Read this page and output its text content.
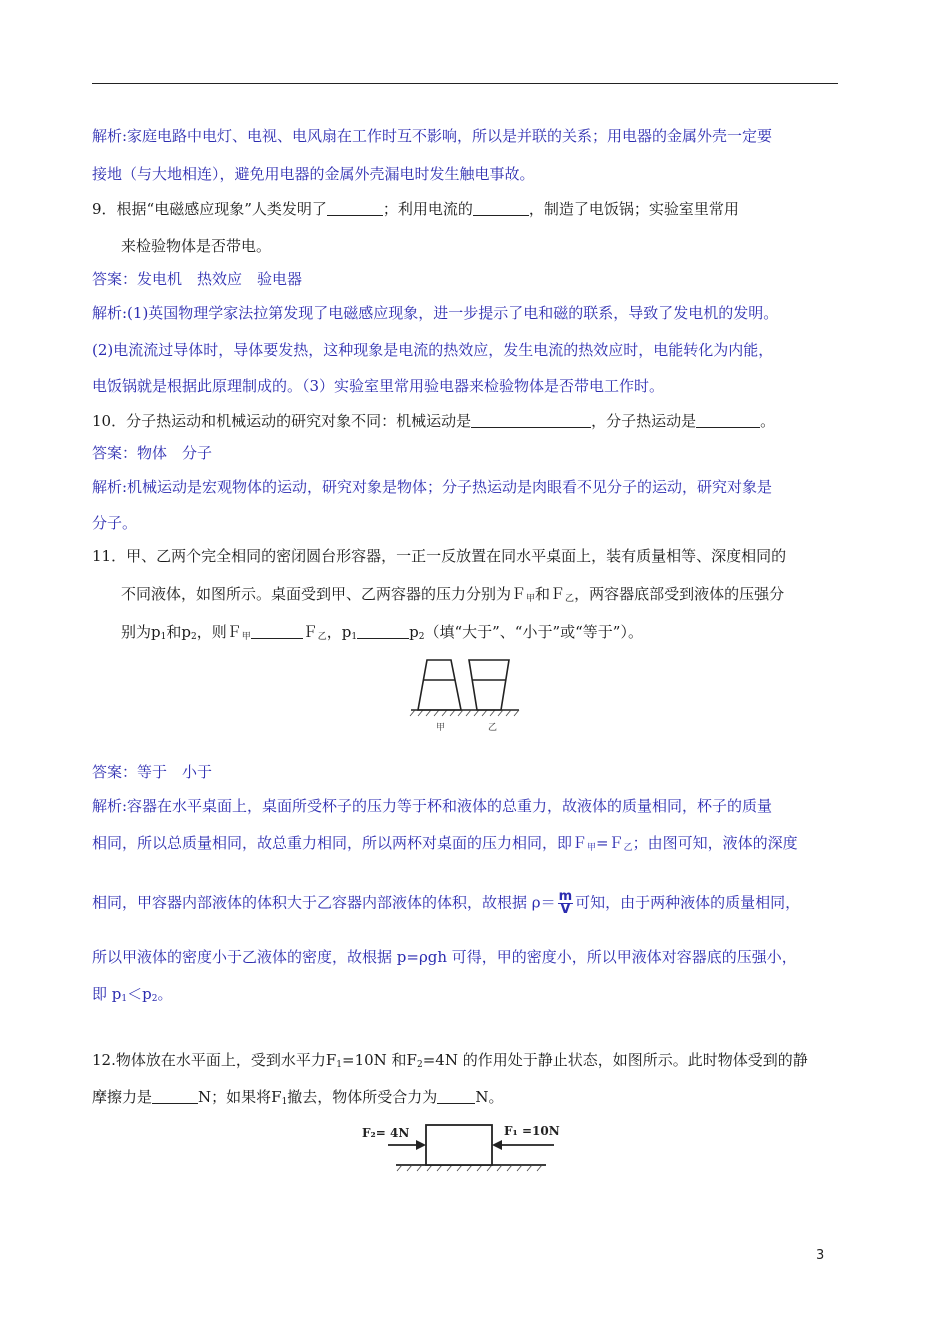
解析:家庭电路中电灯、电视、电风扇在工作时互不影响，所以是并联的关系；用电器的金属外壳一定要
接地（与大地相连），避免用电器的金属外壳漏电时发生触电事故。
9．根据“电磁感应现象”人类发明了	；利用电流的	，制造了电饭锅；实验室里常用
来检验物体是否带电。
答案：发电机　热效应　验电器
解析:(1)英国物理学家法拉第发现了电磁感应现象，进一步提示了电和磁的联系，导致了发电机的发明。
(2)电流流过导体时，导体要发热，这种现象是电流的热效应，发生电流的热效应时，电能转化为内能，
电饭锅就是根据此原理制成的。（3）实验室里常用验电器来检验物体是否带电工作时。
10．分子热运动和机械运动的研究对象不同：机械运动是	，分子热运动是	。
答案：物体　分子
解析:机械运动是宏观物体的运动，研究对象是物体；分子热运动是肉眼看不见分子的运动，研究对象是
分子。
11．甲、乙两个完全相同的密闭圆台形容器，一正一反放置在同水平桌面上，装有质量相等、深度相同的
不同液体，如图所示。桌面受到甲、乙两容器的压力分别为Ｆ$_甲$和Ｆ$_乙$，两容器底部受到液体的压强分
别为$p_1$和$p_2$，则Ｆ$_甲$	Ｆ$_乙$，$p_1$	$p_2$（填“大于”、“小于”或“等于”）。
甲	乙
答案：等于　小于
解析:容器在水平桌面上，桌面所受杯子的压力等于杯和液体的总重力，故液体的质量相同，杯子的质量
相同，所以总质量相同，故总重力相同，所以两杯对桌面的压力相同，即Ｆ$_甲$=Ｆ$_乙$；由图可知，液体的深度
相同，甲容器内部液体的体积大于乙容器内部液体的体积，故根据 $\rho= \frac{m}{V}$ 可知，由于两种液体的质量相同，
所以甲液体的密度小于乙液体的密度，故根据 p=ρgh 可得，甲的密度小，所以甲液体对容器底的压强小，
即 $p_1<p_2$。
12.物体放在水平面上，受到水平力$F_1=10N$ 和$F_2=4N$ 的作用处于静止状态，如图所示。此时物体受到的静
摩擦力是	N；如果将$F_1$撤去，物体所受合力为	N。
F₂= 4N	F₁ =10N
3
